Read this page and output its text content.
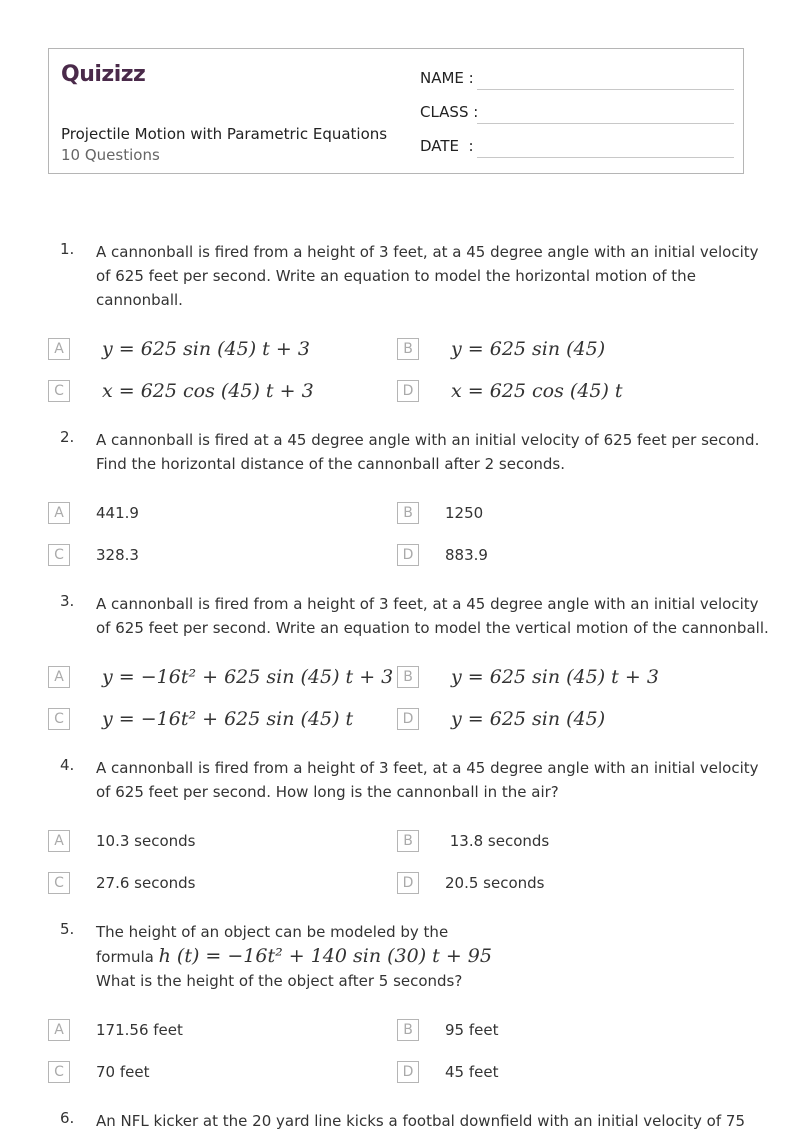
Quizizz
Projectile Motion with Parametric Equations
10 Questions
NAME :
CLASS :
DATE  :
1. A cannonball is fired from a height of 3 feet, at a 45 degree angle with an initial velocity
of 625 feet per second. Write an equation to model the horizontal motion of the
cannonball.
A	y = 625 sin (45) t + 3	B	y = 625 sin (45)
C	x = 625 cos (45) t + 3	D x = 625 cos (45) t
2. A cannonball is fired at a 45 degree angle with an initial velocity of 625 feet per second.
Find the horizontal distance of the cannonball after 2 seconds.
A	441.9	B	1250
C	328.3	D	883.9
3. A cannonball is fired from a height of 3 feet, at a 45 degree angle with an initial velocity
of 625 feet per second. Write an equation to model the vertical motion of the cannonball.
A	y = −16t² + 625 sin (45) t + 3 B	y = 625 sin (45) t + 3
C	y = −16t² + 625 sin (45) t	D y = 625 sin (45)
4. A cannonball is fired from a height of 3 feet, at a 45 degree angle with an initial velocity
of 625 feet per second. How long is the cannonball in the air?
A	10.3 seconds	B	13.8 seconds
C	27.6 seconds	D	20.5 seconds
5. The height of an object can be modeled by the
formula h (t) = −16t² + 140 sin (30) t + 95
What is the height of the object after 5 seconds?
A	171.56 feet	B	95 feet
C	70 feet	D	45 feet
6. An NFL kicker at the 20 yard line kicks a footbal downfield with an initial velocity of 75
